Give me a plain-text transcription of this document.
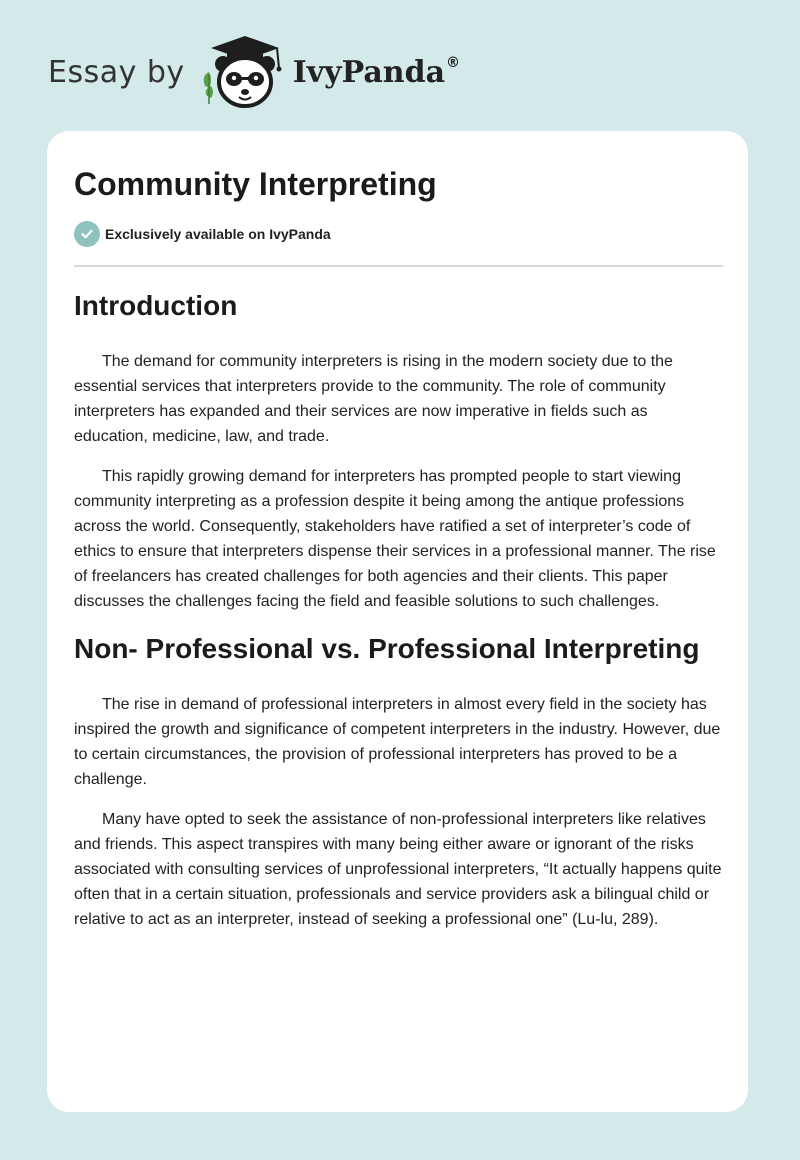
Essay by	IvyPanda®
Community Interpreting
Exclusively available on IvyPanda
Introduction

The demand for community interpreters is rising in the modern society due to the essential services that interpreters provide to the community. The role of community interpreters has expanded and their services are now imperative in fields such as education, medicine, law, and trade.

This rapidly growing demand for interpreters has prompted people to start viewing community interpreting as a profession despite it being among the antique professions across the world. Consequently, stakeholders have ratified a set of interpreter’s code of ethics to ensure that interpreters dispense their services in a professional manner. The rise of freelancers has created challenges for both agencies and their clients. This paper discusses the challenges facing the field and feasible solutions to such challenges.

Non- Professional vs. Professional Interpreting

The rise in demand of professional interpreters in almost every field in the society has inspired the growth and significance of competent interpreters in the industry. However, due to certain circumstances, the provision of professional interpreters has proved to be a challenge.

Many have opted to seek the assistance of non-professional interpreters like relatives and friends. This aspect transpires with many being either aware or ignorant of the risks associated with consulting services of unprofessional interpreters, “It actually happens quite often that in a certain situation, professionals and service providers ask a bilingual child or relative to act as an interpreter, instead of seeking a professional one” (Lu-lu, 289).
